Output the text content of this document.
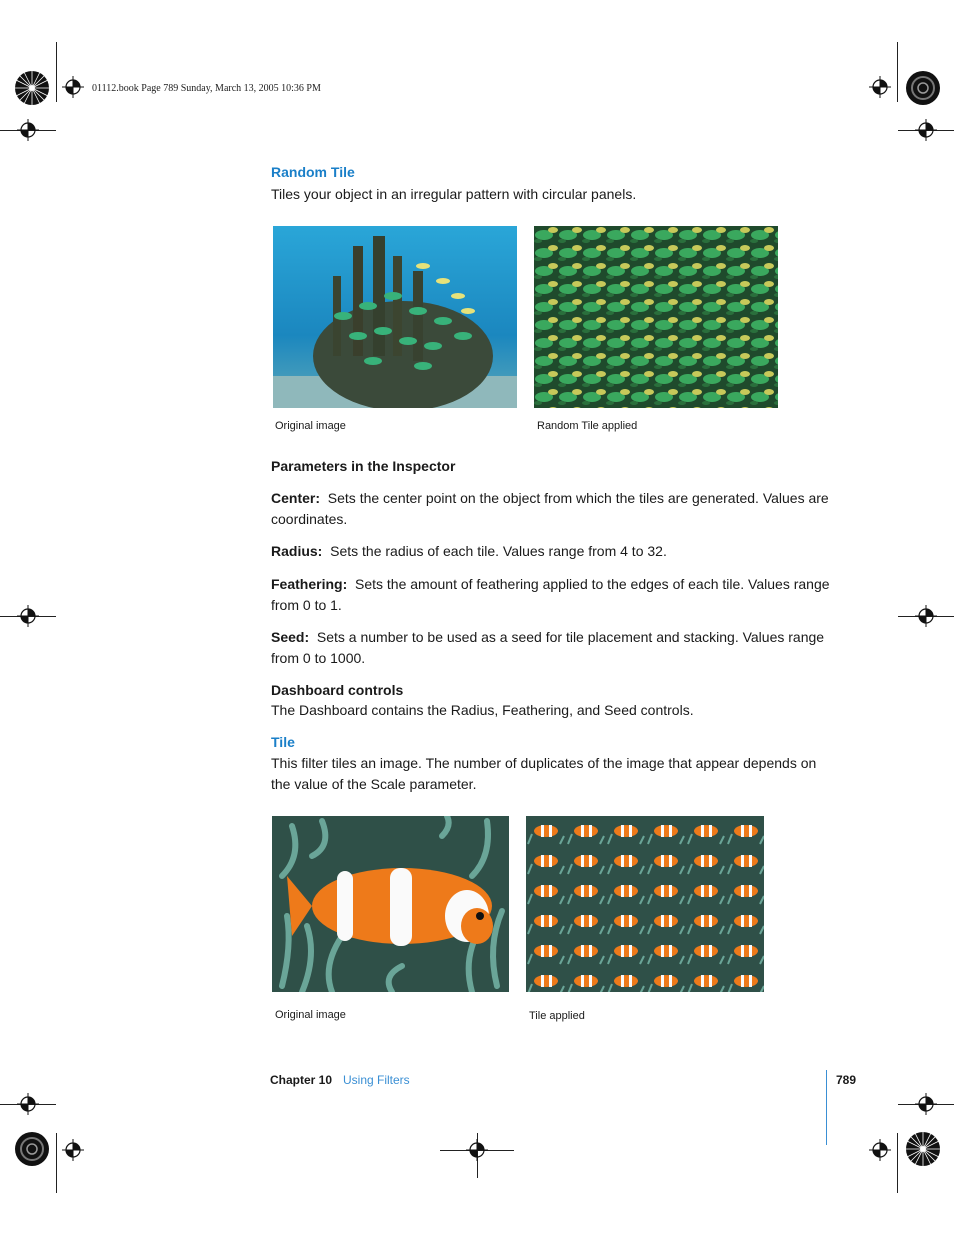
01112.book Page 789 Sunday, March 13, 2005 10:36 PM
Random Tile
Tiles your object in an irregular pattern with circular panels.
Original image	Random Tile applied
Parameters in the Inspector
Center: Sets the center point on the object from which the tiles are generated. Values are coordinates.
Radius: Sets the radius of each tile. Values range from 4 to 32.
Feathering: Sets the amount of feathering applied to the edges of each tile. Values range from 0 to 1.
Seed: Sets a number to be used as a seed for tile placement and stacking. Values range from 0 to 1000.
Dashboard controls
The Dashboard contains the Radius, Feathering, and Seed controls.
Tile
This filter tiles an image. The number of duplicates of the image that appear depends on the value of the Scale parameter.
Original image	Tile applied
Chapter 10 Using Filters	789
